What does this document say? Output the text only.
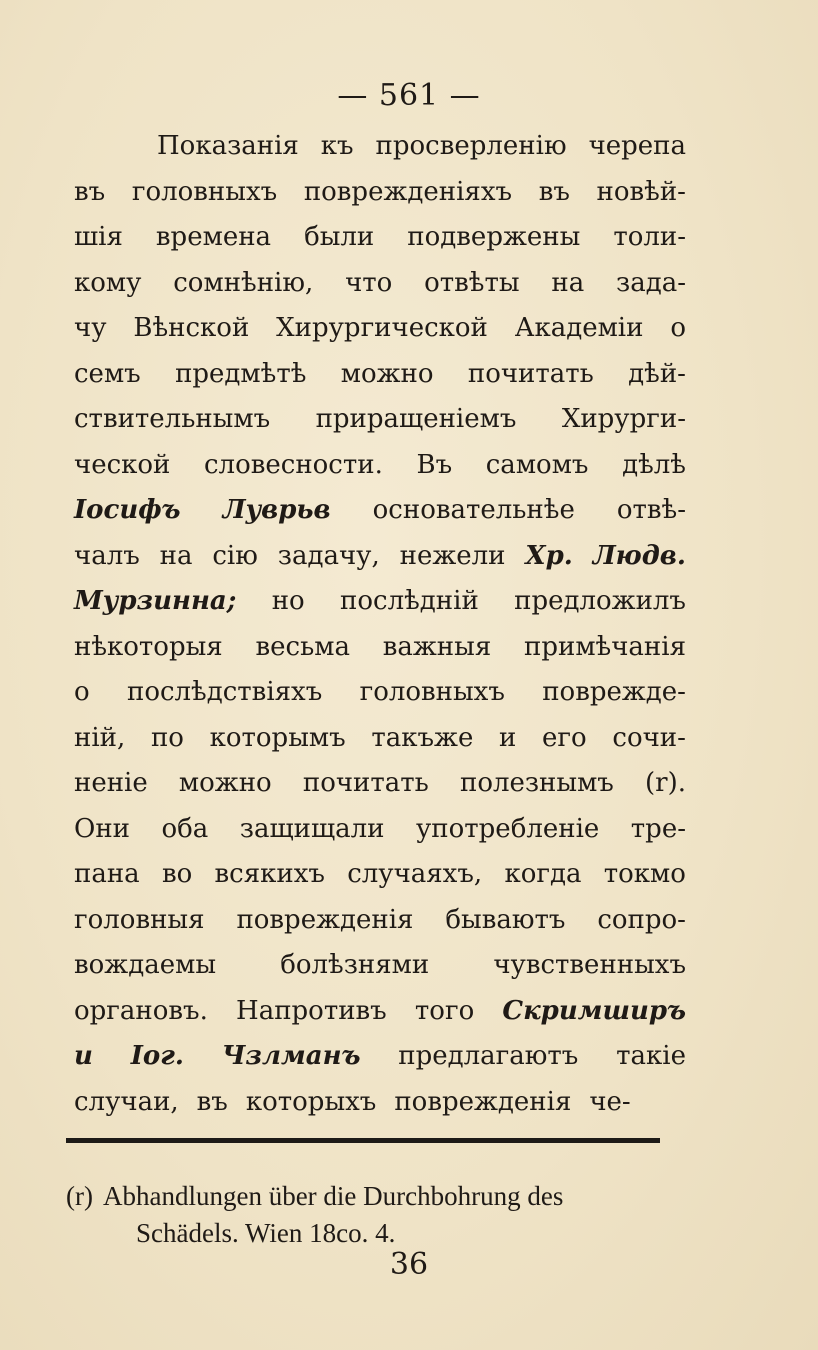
— 561 —
Показанія къ просверленію черепа
въ головныхъ поврежденіяхъ въ новѣй-
шія времена были подвержены толи-
кому сомнѣнію, что отвѣты на зада-
чу Вѣнской Хирургической Академіи о
семъ предмѣтѣ можно почитать дѣй-
ствительнымъ приращеніемъ Хирурги-
ческой словесности. Въ самомъ дѣлѣ
Іосифъ Луврьв основательнѣе отвѣ-
чалъ на сію задачу, нежели Хр. Людв.
Мурзинна; но послѣдній предложилъ
нѣкоторыя весьма важныя примѣчанія
о послѣдствіяхъ головныхъ поврежде-
ній, по которымъ такъже и его сочи-
неніе можно почитать полезнымъ (r).
Они оба защищали употребленіе тре-
пана во всякихъ случаяхъ, когда токмо
головныя поврежденія бываютъ сопро-
вождаемы болѣзнями чувственныхъ
органовъ. Напротивъ того Скримширъ
и Іог. Чзлманъ предлагаютъ такіе
случаи, въ которыхъ поврежденія че-
(r) Abhandlungen über die Durchbohrung des
Schädels. Wien 18co. 4.
36
